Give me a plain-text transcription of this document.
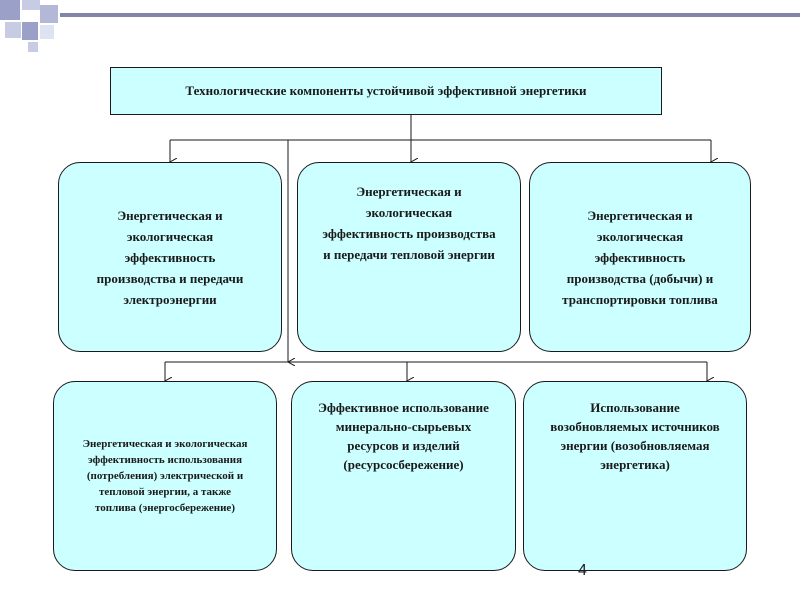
Технологические компоненты устойчивой эффективной энергетики
Энергетическая и экологическая эффективность производства и передачи электроэнергии
Энергетическая и экологическая эффективность производства и передачи тепловой энергии
Энергетическая и экологическая эффективность производства (добычи) и транспортировки топлива
Энергетическая и экологическая эффективность использования (потребления) электрической и тепловой энергии, а также топлива (энергосбережение)
Эффективное использование минерально-сырьевых ресурсов и изделий (ресурсосбережение)
Использование возобновляемых источников энергии (возобновляемая энергетика)
4
